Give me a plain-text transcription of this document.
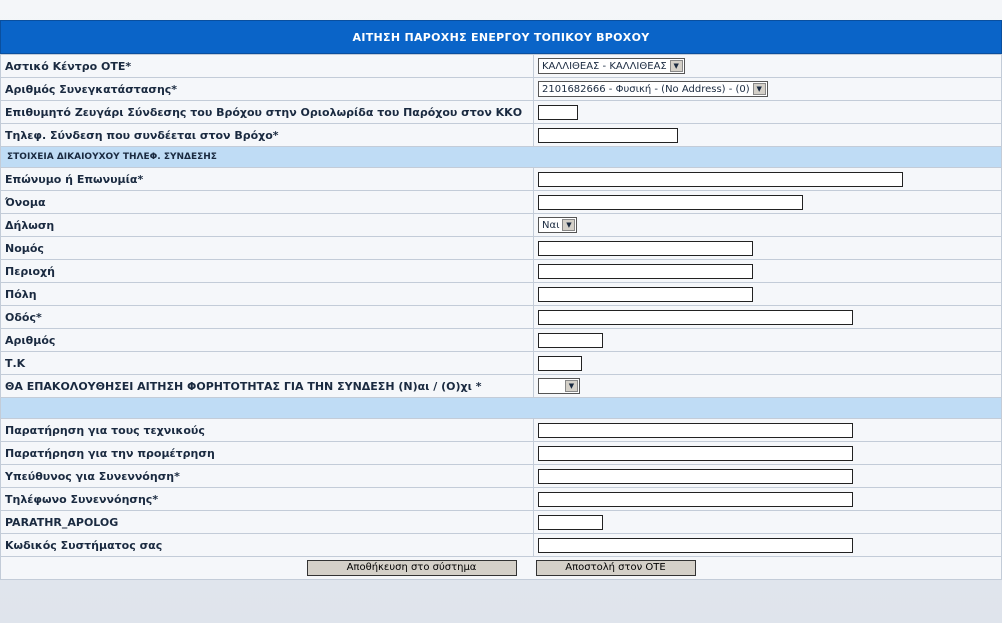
ΑΙΤΗΣΗ ΠΑΡΟΧΗΣ ΕΝΕΡΓΟΥ ΤΟΠΙΚΟΥ ΒΡΟΧΟΥ
Αστικό Κέντρο ΟΤΕ*	ΚΑΛΛΙΘΕΑΣ - ΚΑΛΛΙΘΕΑΣ ▼

Αριθμός Συνεγκατάστασης*	2101682666 - Φυσική - (No Address) - (0) ▼

Επιθυμητό Ζευγάρι Σύνδεσης του Βρόχου στην Οριολωρίδα του Παρόχου στον ΚΚΟ	
Τηλεφ. Σύνδεση που συνδέεται στον Βρόχο*	
ΣΤΟΙΧΕΙΑ ΔΙΚΑΙΟΥΧΟΥ ΤΗΛΕΦ. ΣΥΝΔΕΣΗΣ	
Επώνυμο ή Επωνυμία*	
Όνομα	
Δήλωση	Ναι ▼

Νομός	
Περιοχή	
Πόλη	
Οδός*	
Αριθμός	
Τ.Κ	
ΘΑ ΕΠΑΚΟΛΟΥΘΗΣΕΙ ΑΙΤΗΣΗ ΦΟΡΗΤΟΤΗΤΑΣ ΓΙΑ ΤΗΝ ΣΥΝΔΕΣΗ (Ν)αι / (Ο)χι *	▼

Παρατήρηση για τους τεχνικούς	
Παρατήρηση για την προμέτρηση	
Υπεύθυνος για Συνεννόηση*	
Τηλέφωνο Συνεννόησης*	
PARATHR_APOLOG	
Κωδικός Συστήματος σας	
Αποθήκευση στο σύστημα Αποστολή στον ΟΤΕ	
